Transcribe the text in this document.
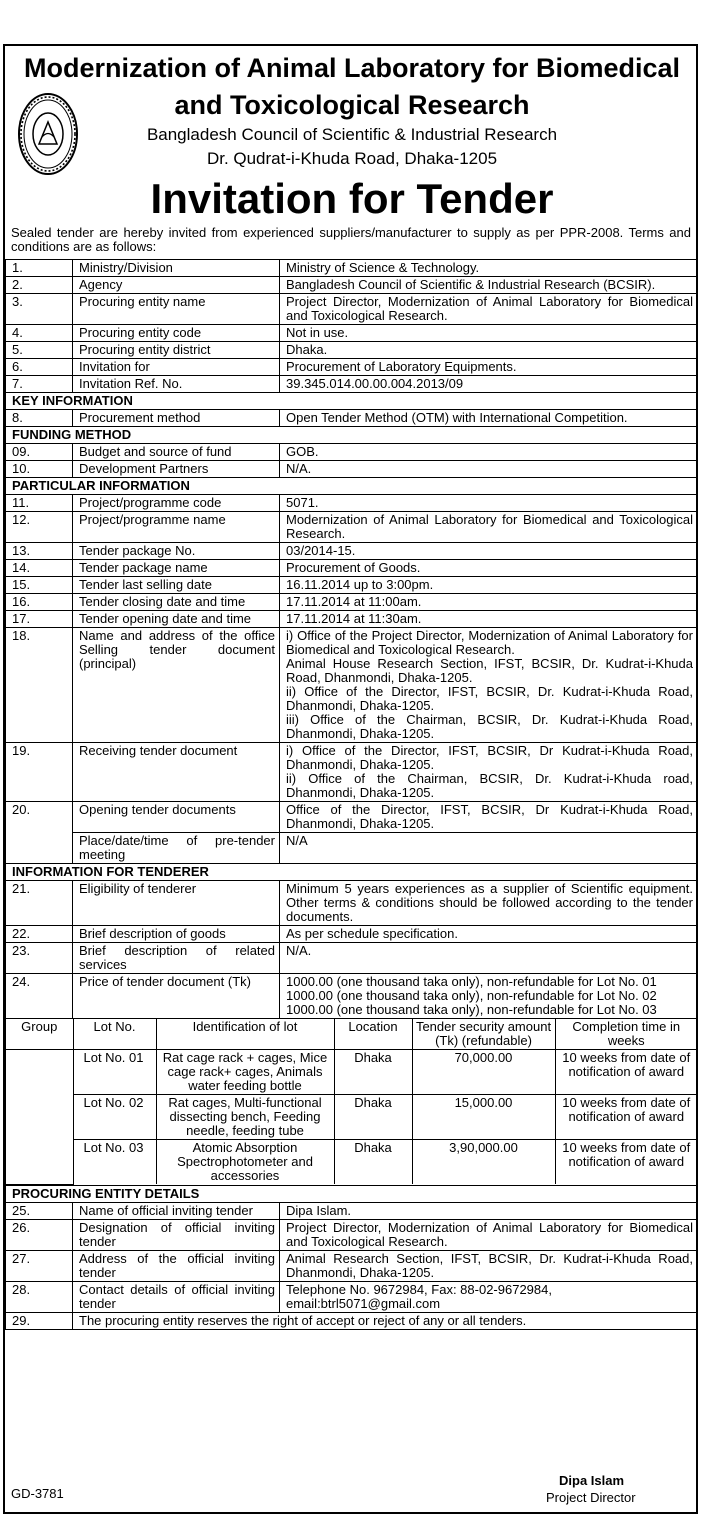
Modernization of Animal Laboratory for Biomedical
and Toxicological Research
Bangladesh Council of Scientific & Industrial Research
Dr. Qudrat-i-Khuda Road, Dhaka-1205
Invitation for Tender
Sealed tender are hereby invited from experienced suppliers/manufacturer to supply as per PPR-2008. Terms and conditions are as follows:
1.	Ministry/Division	Ministry of Science & Technology.
2.	Agency	Bangladesh Council of Scientific & Industrial Research (BCSIR).
3.	Procuring entity name	Project Director, Modernization of Animal Laboratory for Biomedical and Toxicological Research.
4.	Procuring entity code	Not in use.
5.	Procuring entity district	Dhaka.
6.	Invitation for	Procurement of Laboratory Equipments.
7.	Invitation Ref. No.	39.345.014.00.00.004.2013/09
KEY INFORMATION
8.	Procurement method	Open Tender Method (OTM) with International Competition.
FUNDING METHOD
09.	Budget and source of fund	GOB.
10.	Development Partners	N/A.
PARTICULAR INFORMATION
11.	Project/programme code	5071.
12.	Project/programme name	Modernization of Animal Laboratory for Biomedical and Toxicological Research.
13.	Tender package No.	03/2014-15.
14.	Tender package name	Procurement of Goods.
15.	Tender last selling date	16.11.2014 up to 3:00pm.
16.	Tender closing date and time	17.11.2014 at 11:00am.
17.	Tender opening date and time	17.11.2014 at 11:30am.
18.	Name and address of the office Selling tender document (principal)	
i) Office of the Project Director, Modernization of Animal Laboratory for Biomedical and Toxicological Research.
Animal House Research Section, IFST, BCSIR, Dr. Kudrat-i-Khuda Road, Dhanmondi, Dhaka-1205.
ii) Office of the Director, IFST, BCSIR, Dr. Kudrat-i-Khuda Road, Dhanmondi, Dhaka-1205.
iii) Office of the Chairman, BCSIR, Dr. Kudrat-i-Khuda Road, Dhanmondi, Dhaka-1205.

19.	Receiving tender document	i) Office of the Director, IFST, BCSIR, Dr Kudrat-i-Khuda Road, Dhanmondi, Dhaka-1205.
ii) Office of the Chairman, BCSIR, Dr. Kudrat-i-Khuda road, Dhanmondi, Dhaka-1205.

20.	Opening tender documents	Office of the Director, IFST, BCSIR, Dr Kudrat-i-Khuda Road, Dhanmondi, Dhaka-1205.
Place/date/time of pre-tender meeting	N/A
INFORMATION FOR TENDERER
21.	Eligibility of tenderer	Minimum 5 years experiences as a supplier of Scientific equipment. Other terms & conditions should be followed according to the tender documents.
22.	Brief description of goods	As per schedule specification.
23.	Brief description of related services	N/A.
24.	Price of tender document (Tk)	1000.00 (one thousand taka only), non-refundable for Lot No. 01
1000.00 (one thousand taka only), non-refundable for Lot No. 02
1000.00 (one thousand taka only), non-refundable for Lot No. 03

Group	Lot No.	Identification of lot	Location	Tender security amount (Tk) (refundable)	Completion time in weeks
	Lot No. 01	Rat cage rack + cages, Mice cage rack+ cages, Animals water feeding bottle	Dhaka	70,000.00	10 weeks from date of notification of award
Lot No. 02	Rat cages, Multi-functional dissecting bench, Feeding needle, feeding tube	Dhaka	15,000.00	10 weeks from date of notification of award
Lot No. 03	Atomic Absorption Spectrophotometer and accessories	Dhaka	3,90,000.00	10 weeks from date of notification of award

PROCURING ENTITY DETAILS
25.	Name of official inviting tender	Dipa Islam.
26.	Designation of official inviting tender	Project Director, Modernization of Animal Laboratory for Biomedical and Toxicological Research.
27.	Address of the official inviting tender	Animal Research Section, IFST, BCSIR, Dr. Kudrat-i-Khuda Road, Dhanmondi, Dhaka-1205.
28.	Contact details of official inviting tender	
Telephone No. 9672984, Fax: 88-02-9672984,
email:btrl5071@gmail.com

29.	The procuring entity reserves the right of accept or reject of any or all tenders.
GD-3781
Dipa Islam
Project Director
